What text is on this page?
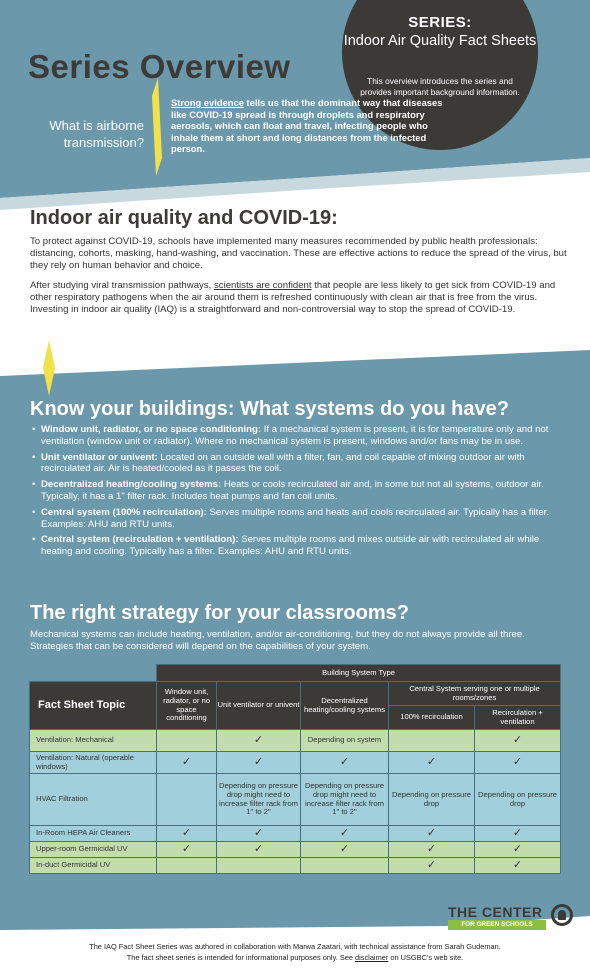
SERIES:
Indoor Air Quality Fact Sheets
This overview introduces the series and provides important background information.
Series Overview
What is airborne transmission?
Strong evidence tells us that the dominant way that diseases like COVID-19 spread is through droplets and respiratory aerosols, which can float and travel, infecting people who inhale them at short and long distances from the infected person.
Indoor air quality and COVID-19:

To protect against COVID-19, schools have implemented many measures recommended by public health professionals: distancing, cohorts, masking, hand-washing, and vaccination. These are effective actions to reduce the spread of the virus, but they rely on human behavior and choice.

After studying viral transmission pathways, scientists are confident that people are less likely to get sick from COVID-19 and other respiratory pathogens when the air around them is refreshed continuously with clean air that is free from the virus. Investing in indoor air quality (IAQ) is a straightforward and non-controversial way to stop the spread of COVID-19.

Know your buildings: What systems do you have?
• Window unit, radiator, or no space conditioning: If a mechanical system is present, it is for temperature only and not ventilation (window unit or radiator). Where no mechanical system is present, windows and/or fans may be in use.
• Unit ventilator or univent: Located on an outside wall with a filter, fan, and coil capable of mixing outdoor air with recirculated air. Air is heated/cooled as it passes the coil.
• Decentralized heating/cooling systems: Heats or cools recirculated air and, in some but not all systems, outdoor air. Typically, it has a 1" filter rack. Includes heat pumps and fan coil units.
• Central system (100% recirculation): Serves multiple rooms and heats and cools recirculated air. Typically has a filter. Examples: AHU and RTU units.
• Central system (recirculation + ventilation): Serves multiple rooms and mixes outside air with recirculated air while heating and cooling. Typically has a filter. Examples: AHU and RTU units.
The right strategy for your classrooms?

Mechanical systems can include heating, ventilation, and/or air-conditioning, but they do not always provide all three. Strategies that can be considered will depend on the capabilities of your system.

	Building System Type				
Fact Sheet Topic	Window unit, radiator, or no space conditioning	Unit ventilator or univent	Decentralized heating/cooling systems	Central System serving one or multiple rooms/zones	
				100% recirculation	Recirculation + ventilation
Ventilation: Mechanical		✓	Depending on system		✓
Ventilation: Natural (operable windows)	✓	✓	✓	✓	✓
HVAC Filtration		Depending on pressure drop might need to increase filter rack from 1" to 2"	Depending on pressure drop might need to increase filter rack from 1" to 2"	Depending on pressure drop	Depending on pressure drop
In-Room HEPA Air Cleaners	✓	✓	✓	✓	✓
Upper-room Germicidal UV	✓	✓	✓	✓	✓
In-duct Germicidal UV				✓	✓
THE CENTER
FOR GREEN SCHOOLS
The IAQ Fact Sheet Series was authored in collaboration with Marwa Zaatari, with technical assistance from Sarah Gudeman.
The fact sheet series is intended for informational purposes only. See disclaimer on USGBC's web site.
